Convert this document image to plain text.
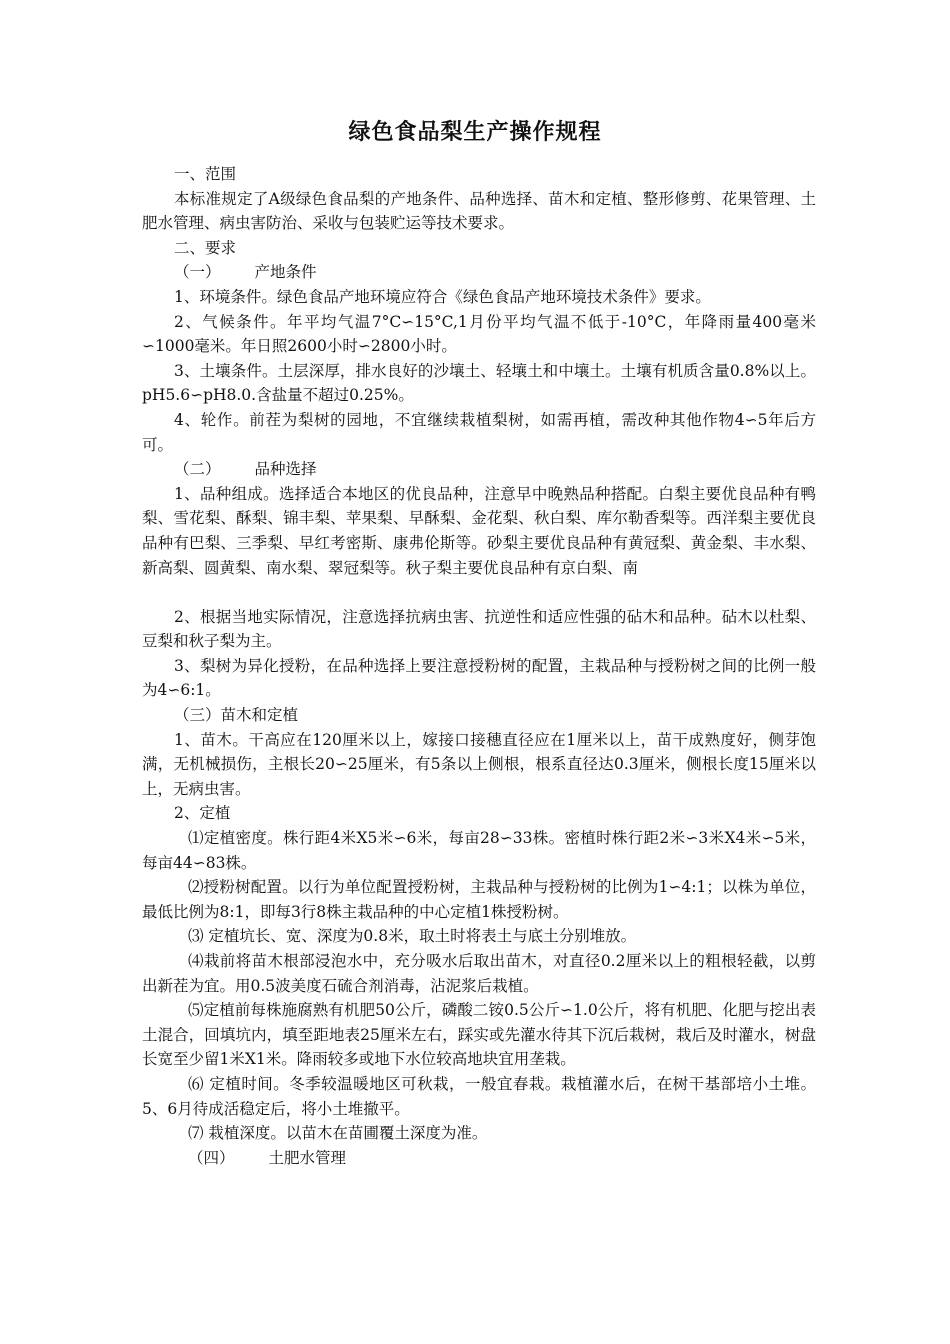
绿色食品梨生产操作规程

一、范围

本标准规定了A级绿色食品梨的产地条件、品种选择、苗木和定植、整形修剪、花果管理、土肥水管理、病虫害防治、采收与包装贮运等技术要求。

二、要求

（一） 产地条件

1、环境条件。绿色食品产地环境应符合《绿色食品产地环境技术条件》要求。

2、气候条件。年平均气温7°C∽15°C,1月份平均气温不低于-10°C，年降雨量400毫米∽1000毫米。年日照2600小时∽2800小时。

3、土壤条件。土层深厚，排水良好的沙壤土、轻壤土和中壤土。土壤有机质含量0.8%以上。pH5.6∽pH8.0.含盐量不超过0.25%。

4、轮作。前茬为梨树的园地，不宜继续栽植梨树，如需再植，需改种其他作物4∽5年后方可。

（二） 品种选择

1、品种组成。选择适合本地区的优良品种，注意早中晚熟品种搭配。白梨主要优良品种有鸭梨、雪花梨、酥梨、锦丰梨、苹果梨、早酥梨、金花梨、秋白梨、库尔勒香梨等。西洋梨主要优良品种有巴梨、三季梨、早红考密斯、康弗伦斯等。砂梨主要优良品种有黄冠梨、黄金梨、丰水梨、新高梨、圆黄梨、南水梨、翠冠梨等。秋子梨主要优良品种有京白梨、南

2、根据当地实际情况，注意选择抗病虫害、抗逆性和适应性强的砧木和品种。砧木以杜梨、豆梨和秋子梨为主。

3、梨树为异化授粉，在品种选择上要注意授粉树的配置，主栽品种与授粉树之间的比例一般为4∽6:1。

（三）苗木和定植

1、苗木。干高应在120厘米以上，嫁接口接穗直径应在1厘米以上，苗干成熟度好，侧芽饱满，无机械损伤，主根长20∽25厘米，有5条以上侧根，根系直径达0.3厘米，侧根长度15厘米以上，无病虫害。

2、定植

⑴定植密度。株行距4米X5米∽6米，每亩28∽33株。密植时株行距2米∽3米X4米∽5米，每亩44∽83株。

⑵授粉树配置。以行为单位配置授粉树，主栽品种与授粉树的比例为1∽4:1；以株为单位，最低比例为8:1，即每3行8株主栽品种的中心定植1株授粉树。

⑶ 定植坑长、宽、深度为0.8米，取土时将表土与底土分别堆放。

⑷栽前将苗木根部浸泡水中，充分吸水后取出苗木，对直径0.2厘米以上的粗根轻截，以剪出新茬为宜。用0.5波美度石硫合剂消毒，沾泥浆后栽植。

⑸定植前每株施腐熟有机肥50公斤，磷酸二铵0.5公斤∽1.0公斤，将有机肥、化肥与挖出表土混合，回填坑内，填至距地表25厘米左右，踩实或先灌水待其下沉后栽树，栽后及时灌水，树盘长宽至少留1米X1米。降雨较多或地下水位较高地块宜用垄栽。

⑹ 定植时间。冬季较温暖地区可秋栽，一般宜春栽。栽植灌水后，在树干基部培小土堆。5、6月待成活稳定后，将小土堆撤平。

⑺ 栽植深度。以苗木在苗圃覆土深度为准。

（四） 土肥水管理
